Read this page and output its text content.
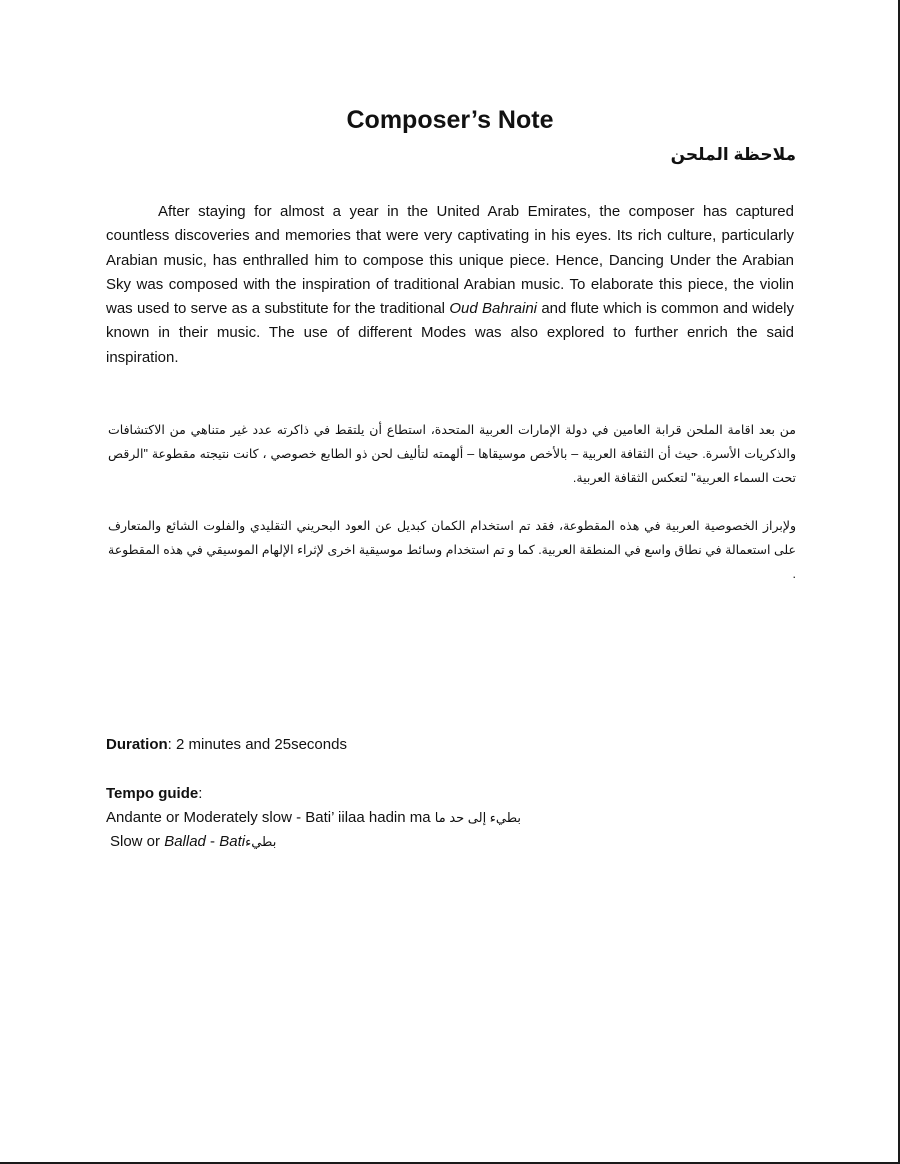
Composer’s Note
ملاحظة الملحن

After staying for almost a year in the United Arab Emirates, the composer has captured countless discoveries and memories that were very captivating in his eyes. Its rich culture, particularly Arabian music, has enthralled him to compose this unique piece. Hence, Dancing Under the Arabian Sky was composed with the inspiration of traditional Arabian music. To elaborate this piece, the violin was used to serve as a substitute for the traditional Oud Bahraini and flute which is common and widely known in their music. The use of different Modes was also explored to further enrich the said inspiration.

من بعد اقامة الملحن قرابة العامين في دولة الإمارات العربية المتحدة، استطاع أن يلتقط في ذاكرته عدد غير متناهي من الاكتشافات والذكريات الأسرة. حيث أن الثقافة العربية – بالأخص موسيقاها – ألهمته لتأليف لحن ذو الطابع خصوصي ، كانت نتيجته مقطوعة "الرقص تحت السماء العربية" لتعكس الثقافة العربية.

ولإبراز الخصوصية العربية في هذه المقطوعة، فقد تم استخدام الكمان كبديل عن العود البحريني التقليدي والفلوت الشائع والمتعارف على استعمالة في نطاق واسع في المنطقة العربية. كما و تم استخدام وسائط موسيقية اخرى لإثراء الإلهام الموسيقي في هذه المقطوعة .

Duration: 2 minutes and 25seconds

Tempo guide:

Andante or Moderately slow - Bati’ iilaa hadin ma بطيء إلى حد ما

Slow or Ballad - Bati بطيء
